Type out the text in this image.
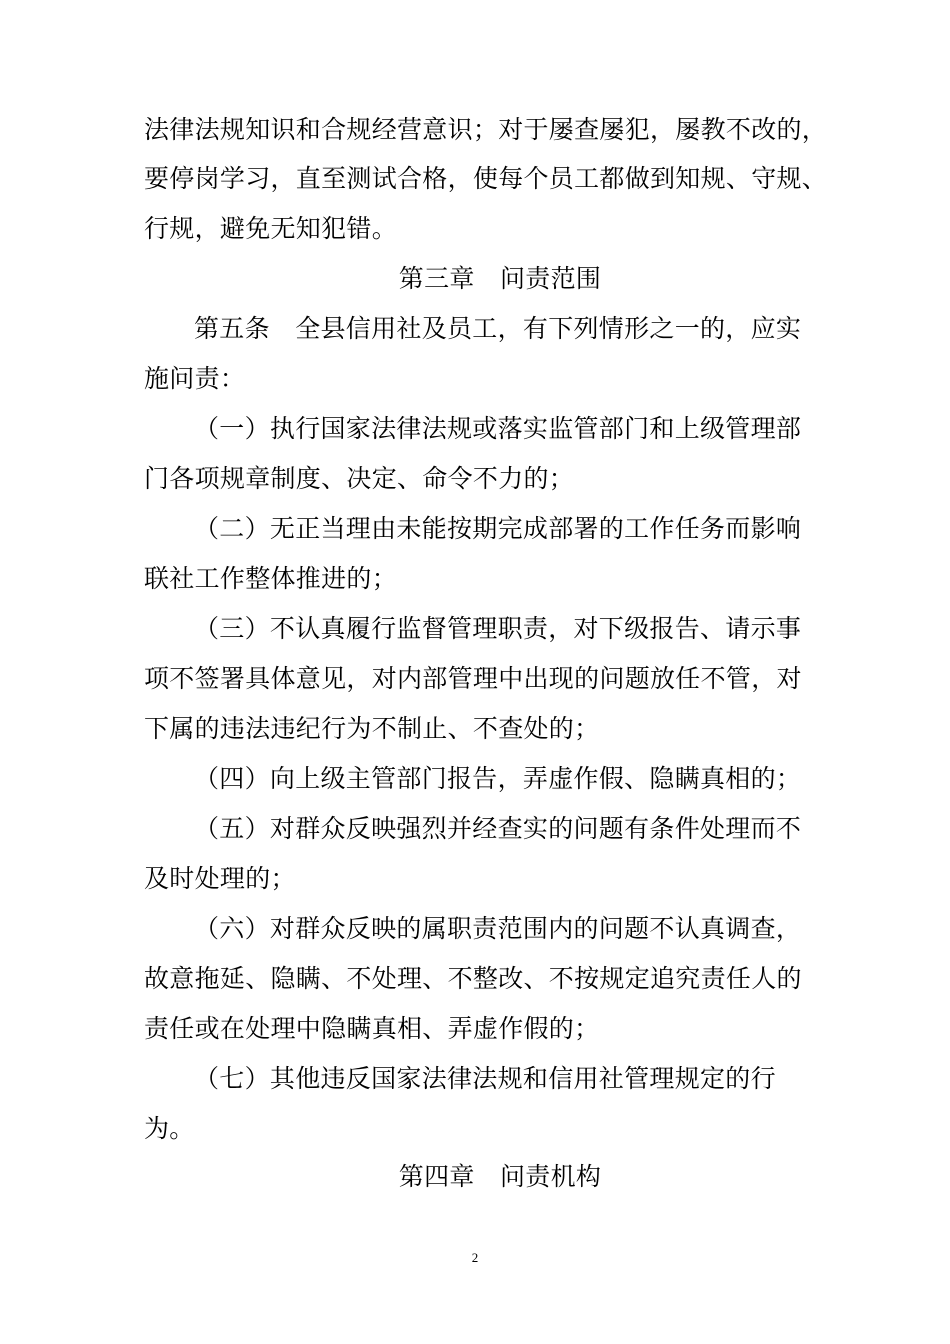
法律法规知识和合规经营意识；对于屡查屡犯，屡教不改的，
要停岗学习，直至测试合格，使每个员工都做到知规、守规、
行规，避免无知犯错。
第三章　问责范围
第五条　全县信用社及员工，有下列情形之一的，应实
施问责：
（一）执行国家法律法规或落实监管部门和上级管理部
门各项规章制度、决定、命令不力的；
（二）无正当理由未能按期完成部署的工作任务而影响
联社工作整体推进的；
（三）不认真履行监督管理职责，对下级报告、请示事
项不签署具体意见，对内部管理中出现的问题放任不管，对
下属的违法违纪行为不制止、不查处的；
（四）向上级主管部门报告，弄虚作假、隐瞒真相的；
（五）对群众反映强烈并经查实的问题有条件处理而不
及时处理的；
（六）对群众反映的属职责范围内的问题不认真调查，
故意拖延、隐瞒、不处理、不整改、不按规定追究责任人的
责任或在处理中隐瞒真相、弄虚作假的；
（七）其他违反国家法律法规和信用社管理规定的行
为。
第四章　问责机构
2
